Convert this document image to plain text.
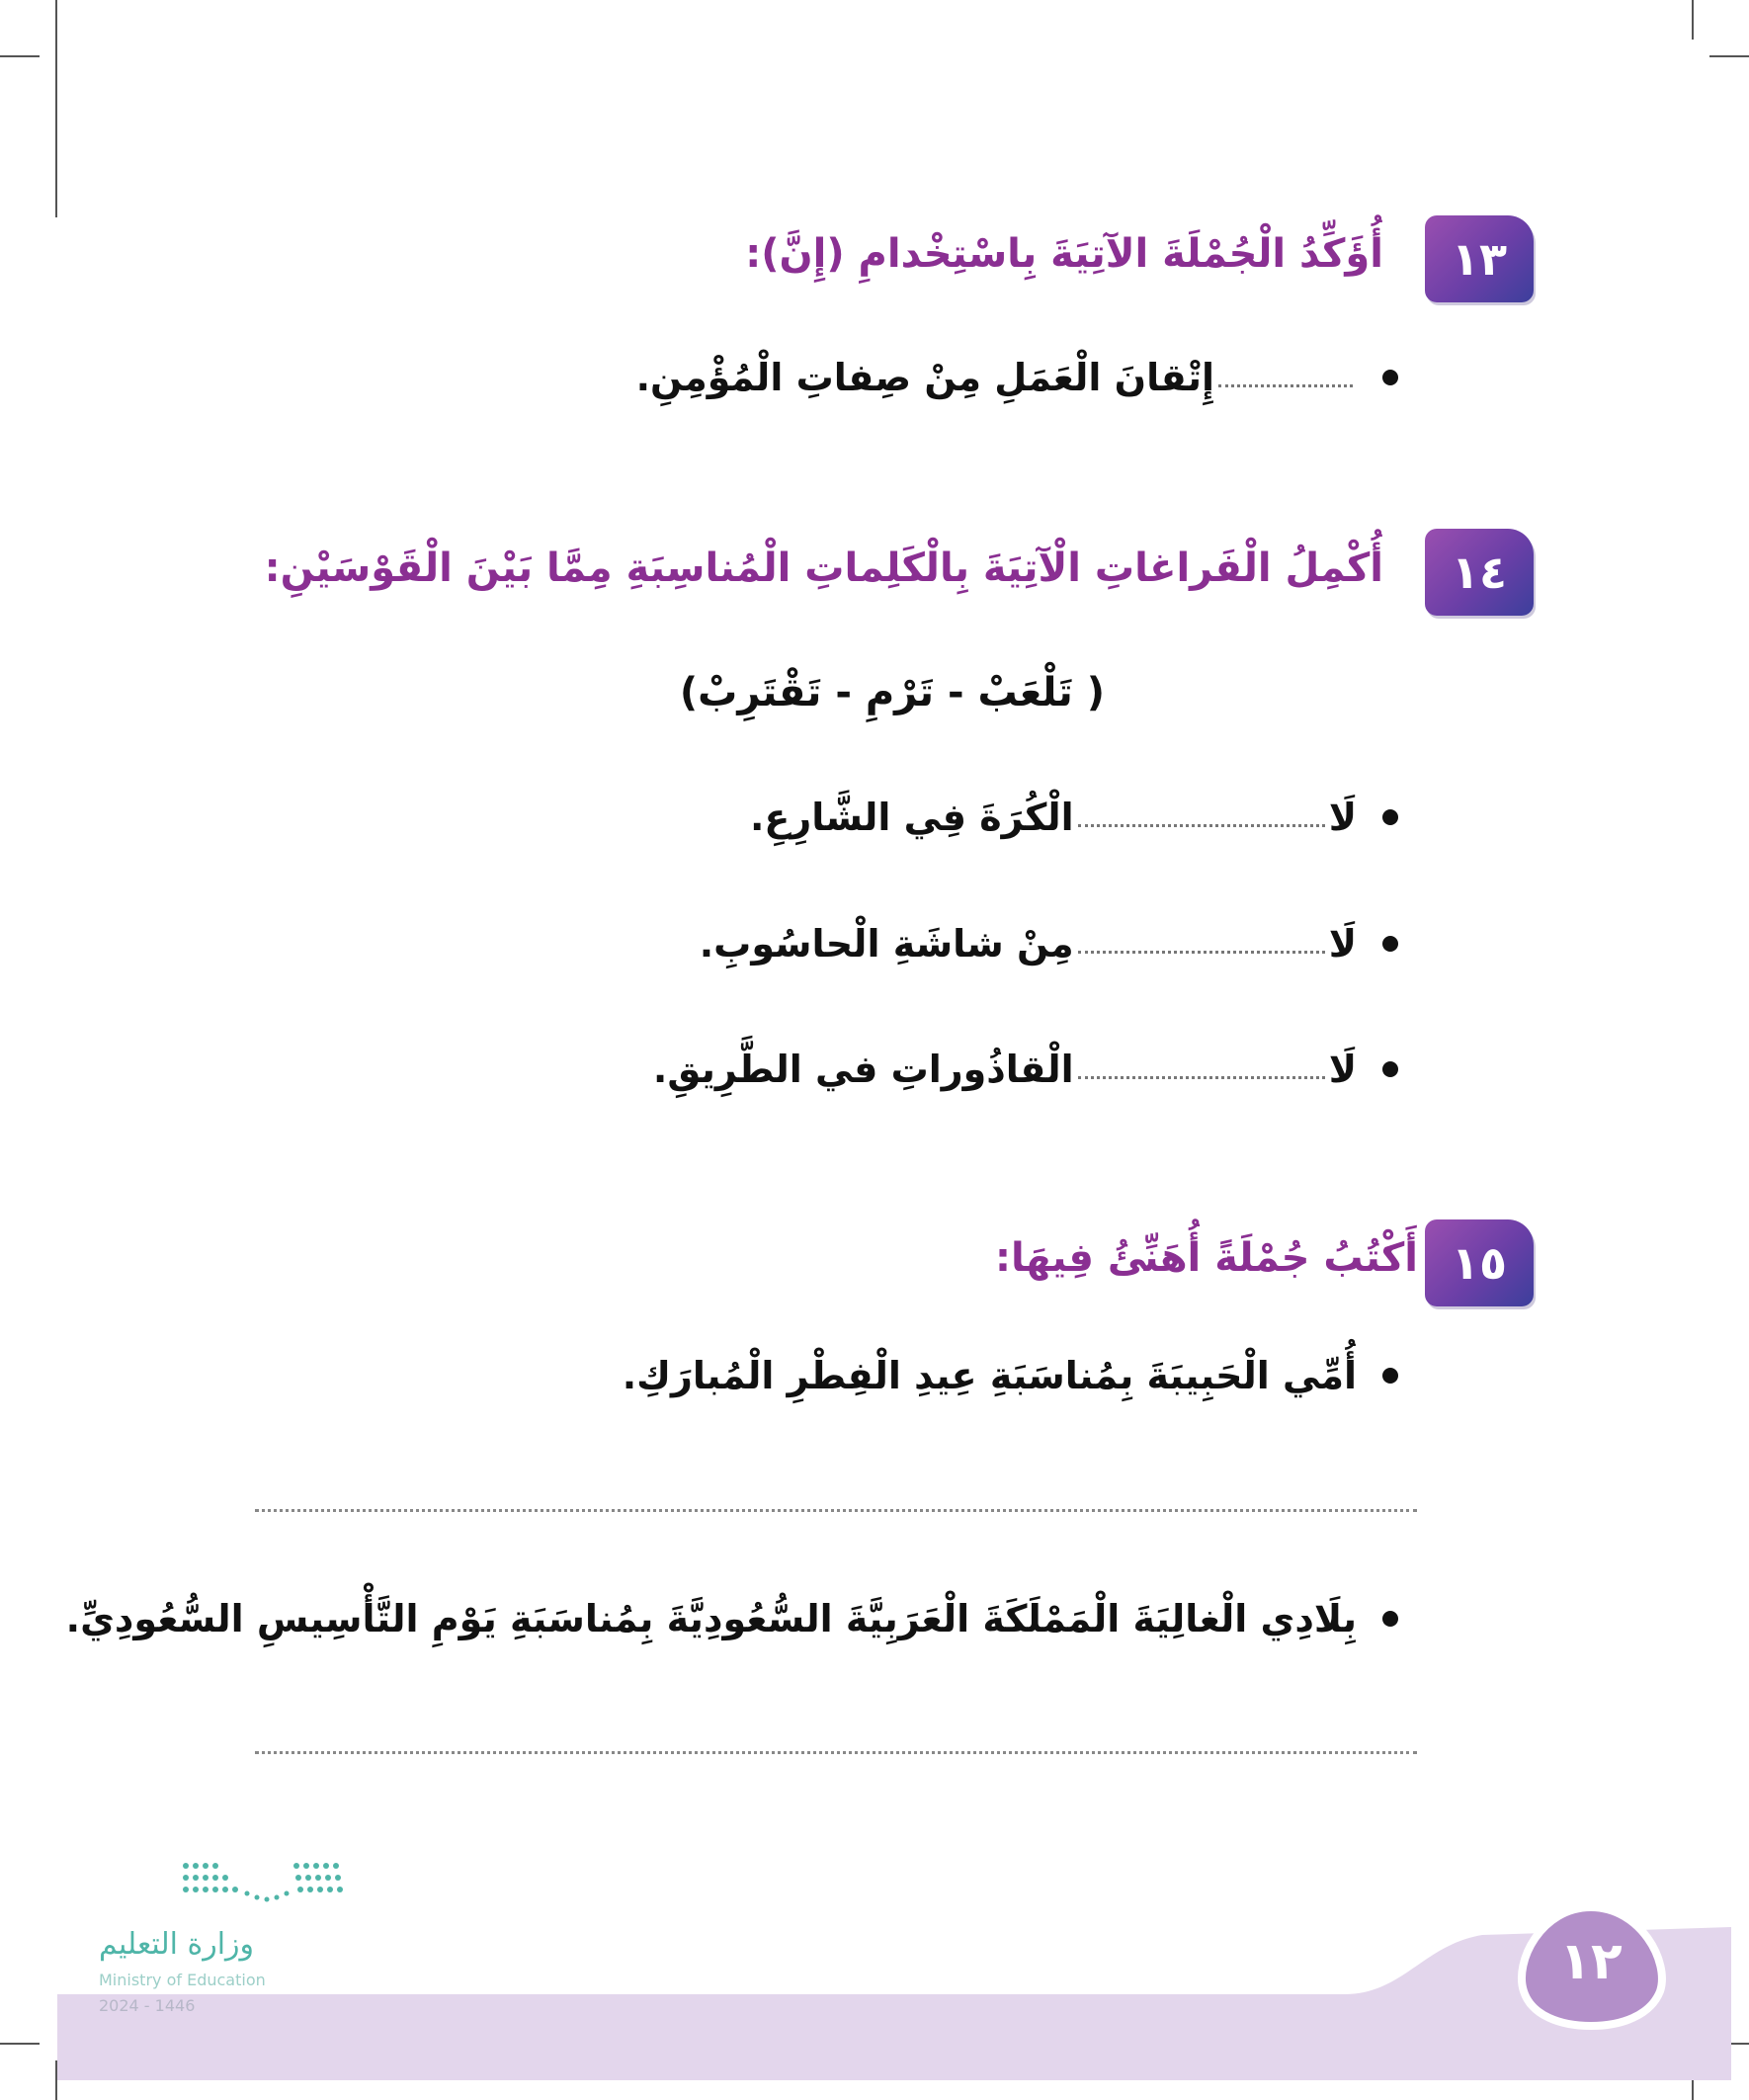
١٣
أُؤَكِّدُ الْجُمْلَةَ الآتِيَةَ بِاسْتِخْدامِ (إِنَّ):
إِتْقانَ الْعَمَلِ مِنْ صِفاتِ الْمُؤْمِنِ.
١٤
أُكْمِلُ الْفَراغاتِ الْآتِيَةَ بِالْكَلِماتِ الْمُناسِبَةِ مِمَّا بَيْنَ الْقَوْسَيْنِ:
( تَلْعَبْ - تَرْمِ - تَقْتَرِبْ)
لَا
الْكُرَةَ فِي الشَّارِعِ.
لَا
مِنْ شاشَةِ الْحاسُوبِ.
لَا
الْقاذُوراتِ في الطَّرِيقِ.
١٥
أَكْتُبُ جُمْلَةً أُهَنِّئُ فِيهَا:
أُمِّي الْحَبِيبَةَ بِمُناسَبَةِ عِيدِ الْفِطْرِ الْمُبارَكِ.
بِلَادِي الْغالِيَةَ الْمَمْلَكَةَ الْعَرَبِيَّةَ السُّعُودِيَّةَ بِمُناسَبَةِ يَوْمِ التَّأْسِيسِ السُّعُودِيِّ.
١٢
وزارة التعليم
Ministry of Education
2024 - 1446
